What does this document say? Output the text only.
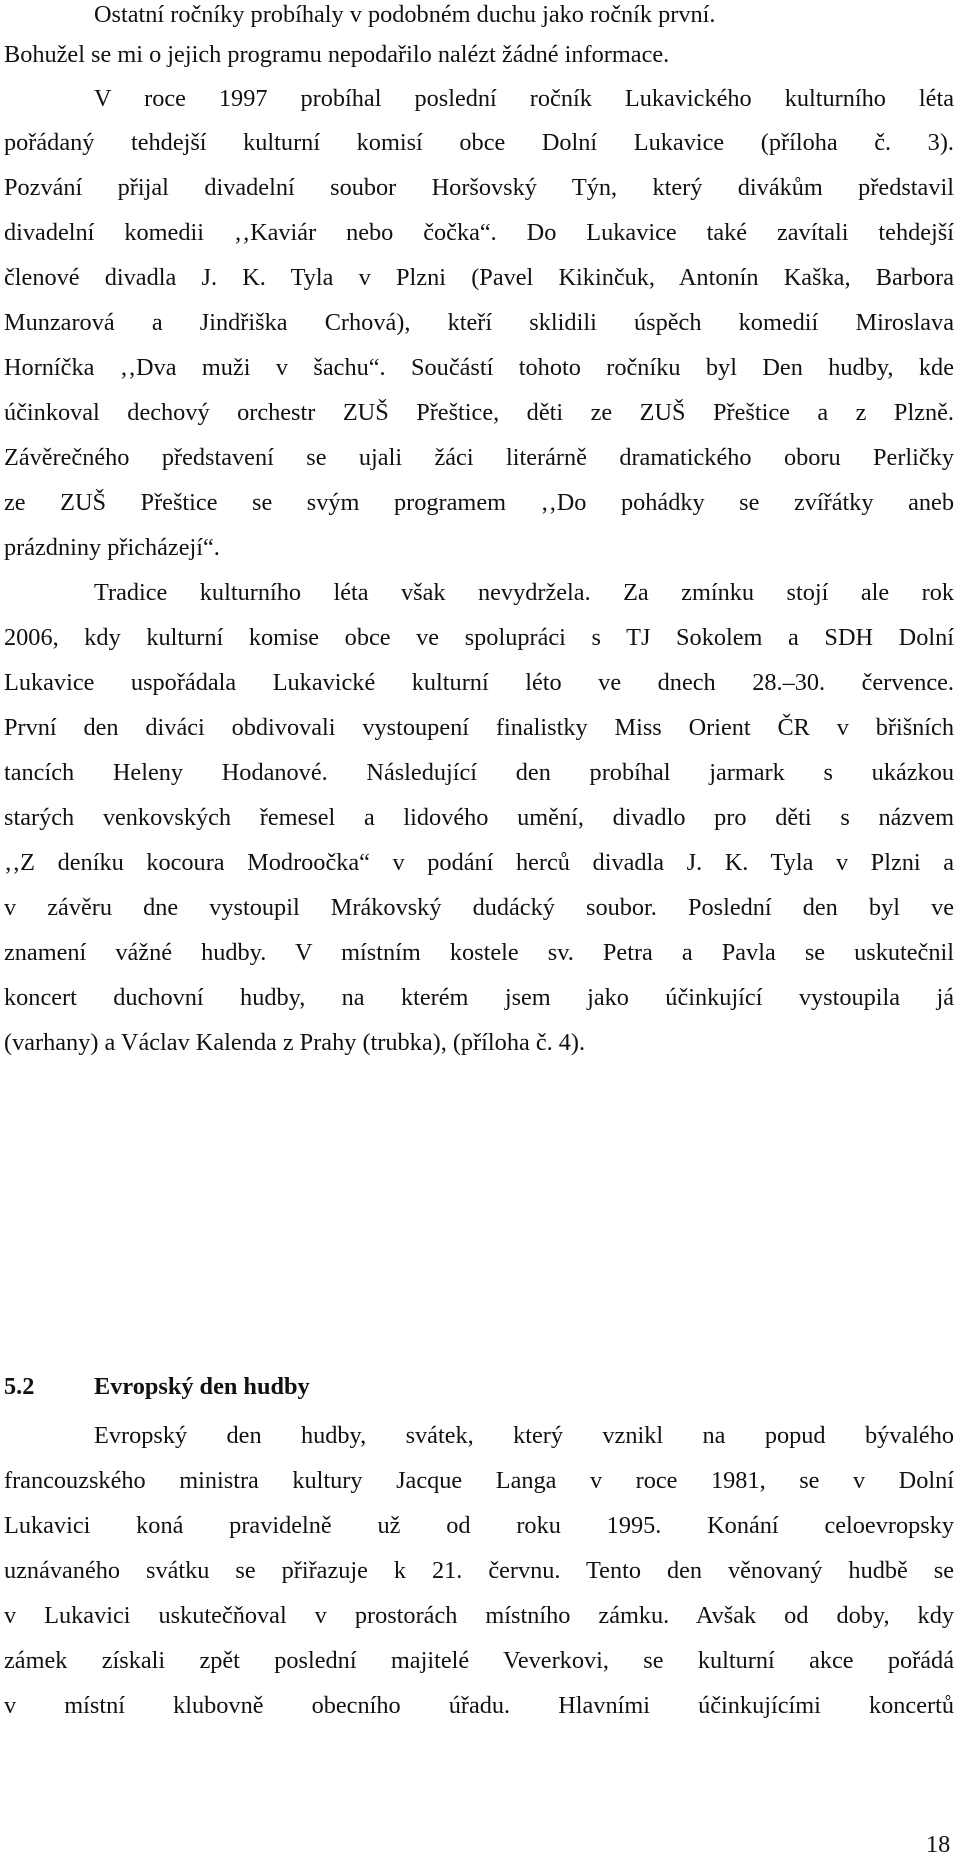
Ostatní ročníky probíhaly v podobném duchu jako ročník první.
Bohužel se mi o jejich programu nepodařilo nalézt žádné informace.
V roce 1997 probíhal poslední ročník Lukavického kulturního léta
pořádaný tehdejší kulturní komisí obce Dolní Lukavice (příloha č. 3).
Pozvání přijal divadelní soubor Horšovský Týn, který divákům představil
divadelní komedii ‚‚Kaviár nebo čočka“. Do Lukavice také zavítali tehdejší
členové divadla J. K. Tyla v Plzni (Pavel Kikinčuk, Antonín Kaška, Barbora
Munzarová a Jindřiška Crhová), kteří sklidili úspěch komedií Miroslava
Horníčka ‚‚Dva muži v šachu“. Součástí tohoto ročníku byl Den hudby, kde
účinkoval dechový orchestr ZUŠ Přeštice, děti ze ZUŠ Přeštice a z Plzně.
Závěrečného představení se ujali žáci literárně dramatického oboru Perličky
ze ZUŠ Přeštice se svým programem ‚‚Do pohádky se zvířátky aneb
prázdniny přicházejí“.
Tradice kulturního léta však nevydržela. Za zmínku stojí ale rok
2006, kdy kulturní komise obce ve spolupráci s TJ Sokolem a SDH Dolní
Lukavice uspořádala Lukavické kulturní léto ve dnech 28.–30. července.
První den diváci obdivovali vystoupení finalistky Miss Orient ČR v břišních
tancích Heleny Hodanové. Následující den probíhal jarmark s ukázkou
starých venkovských řemesel a lidového umění, divadlo pro děti s názvem
‚‚Z deníku kocoura Modroočka“ v podání herců divadla J. K. Tyla v Plzni a
v závěru dne vystoupil Mrákovský dudácký soubor. Poslední den byl ve
znamení vážné hudby. V místním kostele sv. Petra a Pavla se uskutečnil
koncert duchovní hudby, na kterém jsem jako účinkující vystoupila já
(varhany) a Václav Kalenda z Prahy (trubka), (příloha č. 4).
5.2 Evropský den hudby
Evropský den hudby, svátek, který vznikl na popud bývalého
francouzského ministra kultury Jacque Langa v roce 1981, se v Dolní
Lukavici koná pravidelně už od roku 1995. Konání celoevropsky
uznávaného svátku se přiřazuje k 21. červnu. Tento den věnovaný hudbě se
v Lukavici uskutečňoval v prostorách místního zámku. Avšak od doby, kdy
zámek získali zpět poslední majitelé Veverkovi, se kulturní akce pořádá
v místní klubovně obecního úřadu. Hlavními účinkujícími koncertů
18
